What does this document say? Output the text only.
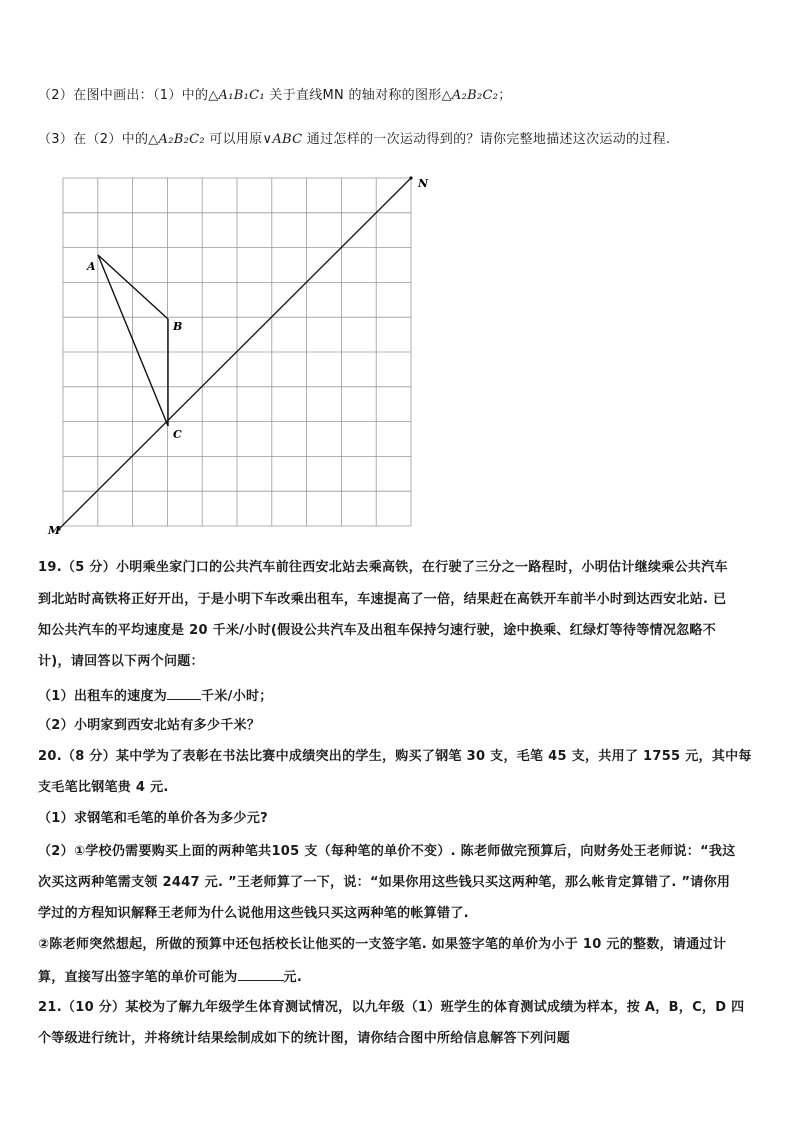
（2）在图中画出：（1）中的△A₁B₁C₁ 关于直线MN 的轴对称的图形△A₂B₂C₂；
（3）在（2）中的△A₂B₂C₂ 可以用原∨ABC 通过怎样的一次运动得到的？请你完整地描述这次运动的过程.
A
B
C
M
N
19.（5 分）小明乘坐家门口的公共汽车前往西安北站去乘高铁，在行驶了三分之一路程时，小明估计继续乘公共汽车
到北站时高铁将正好开出，于是小明下车改乘出租车，车速提高了一倍，结果赶在高铁开车前半小时到达西安北站. 已
知公共汽车的平均速度是 20 千米/小时(假设公共汽车及出租车保持匀速行驶，途中换乘、红绿灯等待等情况忽略不
计)，请回答以下两个问题：
（1）出租车的速度为	千米/小时；
（2）小明家到西安北站有多少千米？
20.（8 分）某中学为了表彰在书法比赛中成绩突出的学生，购买了钢笔 30 支，毛笔 45 支，共用了 1755 元，其中每
支毛笔比钢笔贵 4 元.
（1）求钢笔和毛笔的单价各为多少元?
（2）①学校仍需要购买上面的两种笔共105 支（每种笔的单价不变）. 陈老师做完预算后，向财务处王老师说：“我这
次买这两种笔需支领 2447 元. ”王老师算了一下，说：“如果你用这些钱只买这两种笔，那么帐肯定算错了. ”请你用
学过的方程知识解释王老师为什么说他用这些钱只买这两种笔的帐算错了.
②陈老师突然想起，所做的预算中还包括校长让他买的一支签字笔. 如果签字笔的单价为小于 10 元的整数，请通过计
算，直接写出签字笔的单价可能为	元.
21.（10 分）某校为了解九年级学生体育测试情况，以九年级（1）班学生的体育测试成绩为样本，按 A，B，C，D 四
个等级进行统计，并将统计结果绘制成如下的统计图，请你结合图中所给信息解答下列问题
